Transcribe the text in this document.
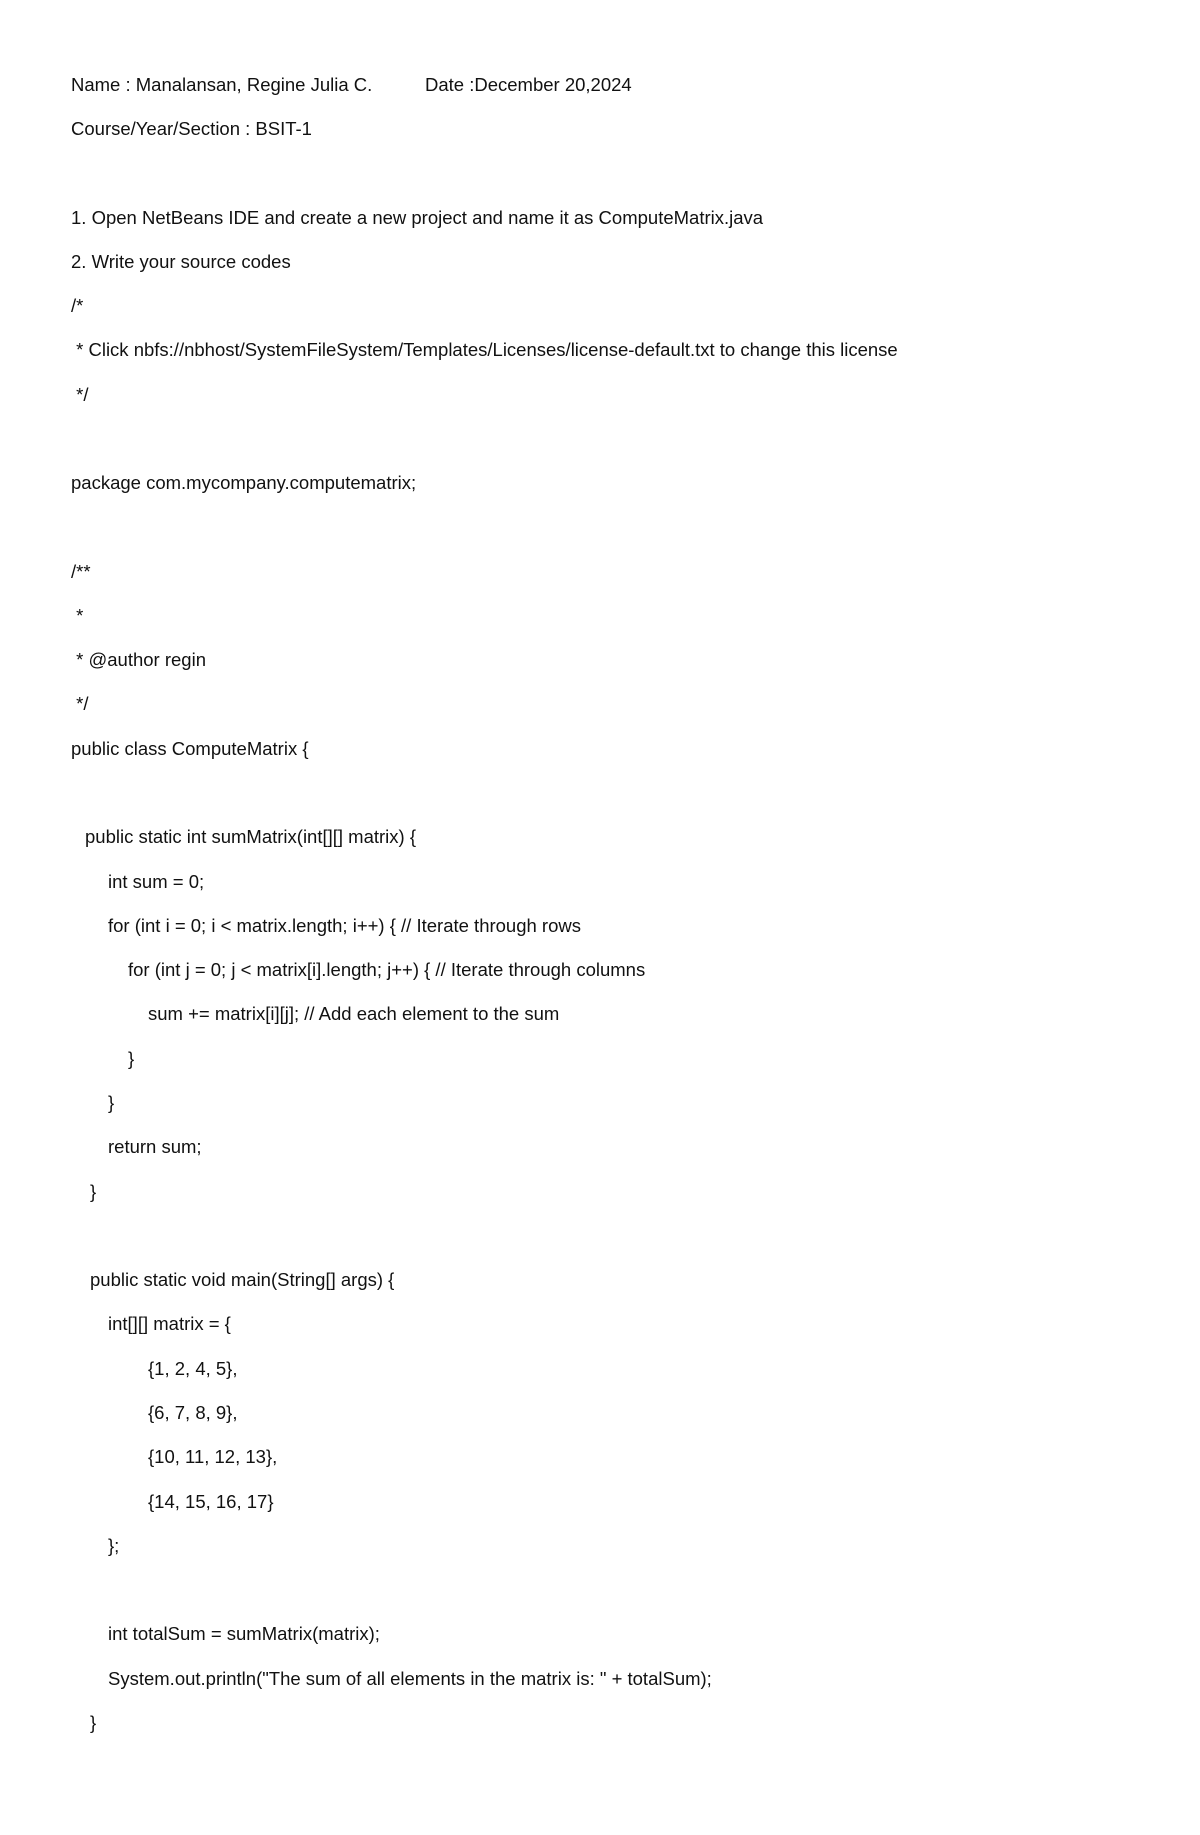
Name : Manalansan, Regine Julia C.	Date :December 20,2024
Course/Year/Section : BSIT-1
1. Open NetBeans IDE and create a new project and name it as ComputeMatrix.java
2. Write your source codes
/*
* Click nbfs://nbhost/SystemFileSystem/Templates/Licenses/license-default.txt to change this license
*/
package com.mycompany.computematrix;
/**
*
* @author regin
*/
public class ComputeMatrix {
public static int sumMatrix(int[][] matrix) {
int sum = 0;
for (int i = 0; i < matrix.length; i++) { // Iterate through rows
for (int j = 0; j < matrix[i].length; j++) { // Iterate through columns
sum += matrix[i][j]; // Add each element to the sum
}
}
return sum;
}
public static void main(String[] args) {
int[][] matrix = {
{1, 2, 4, 5},
{6, 7, 8, 9},
{10, 11, 12, 13},
{14, 15, 16, 17}
};
int totalSum = sumMatrix(matrix);
System.out.println("The sum of all elements in the matrix is: " + totalSum);
}
